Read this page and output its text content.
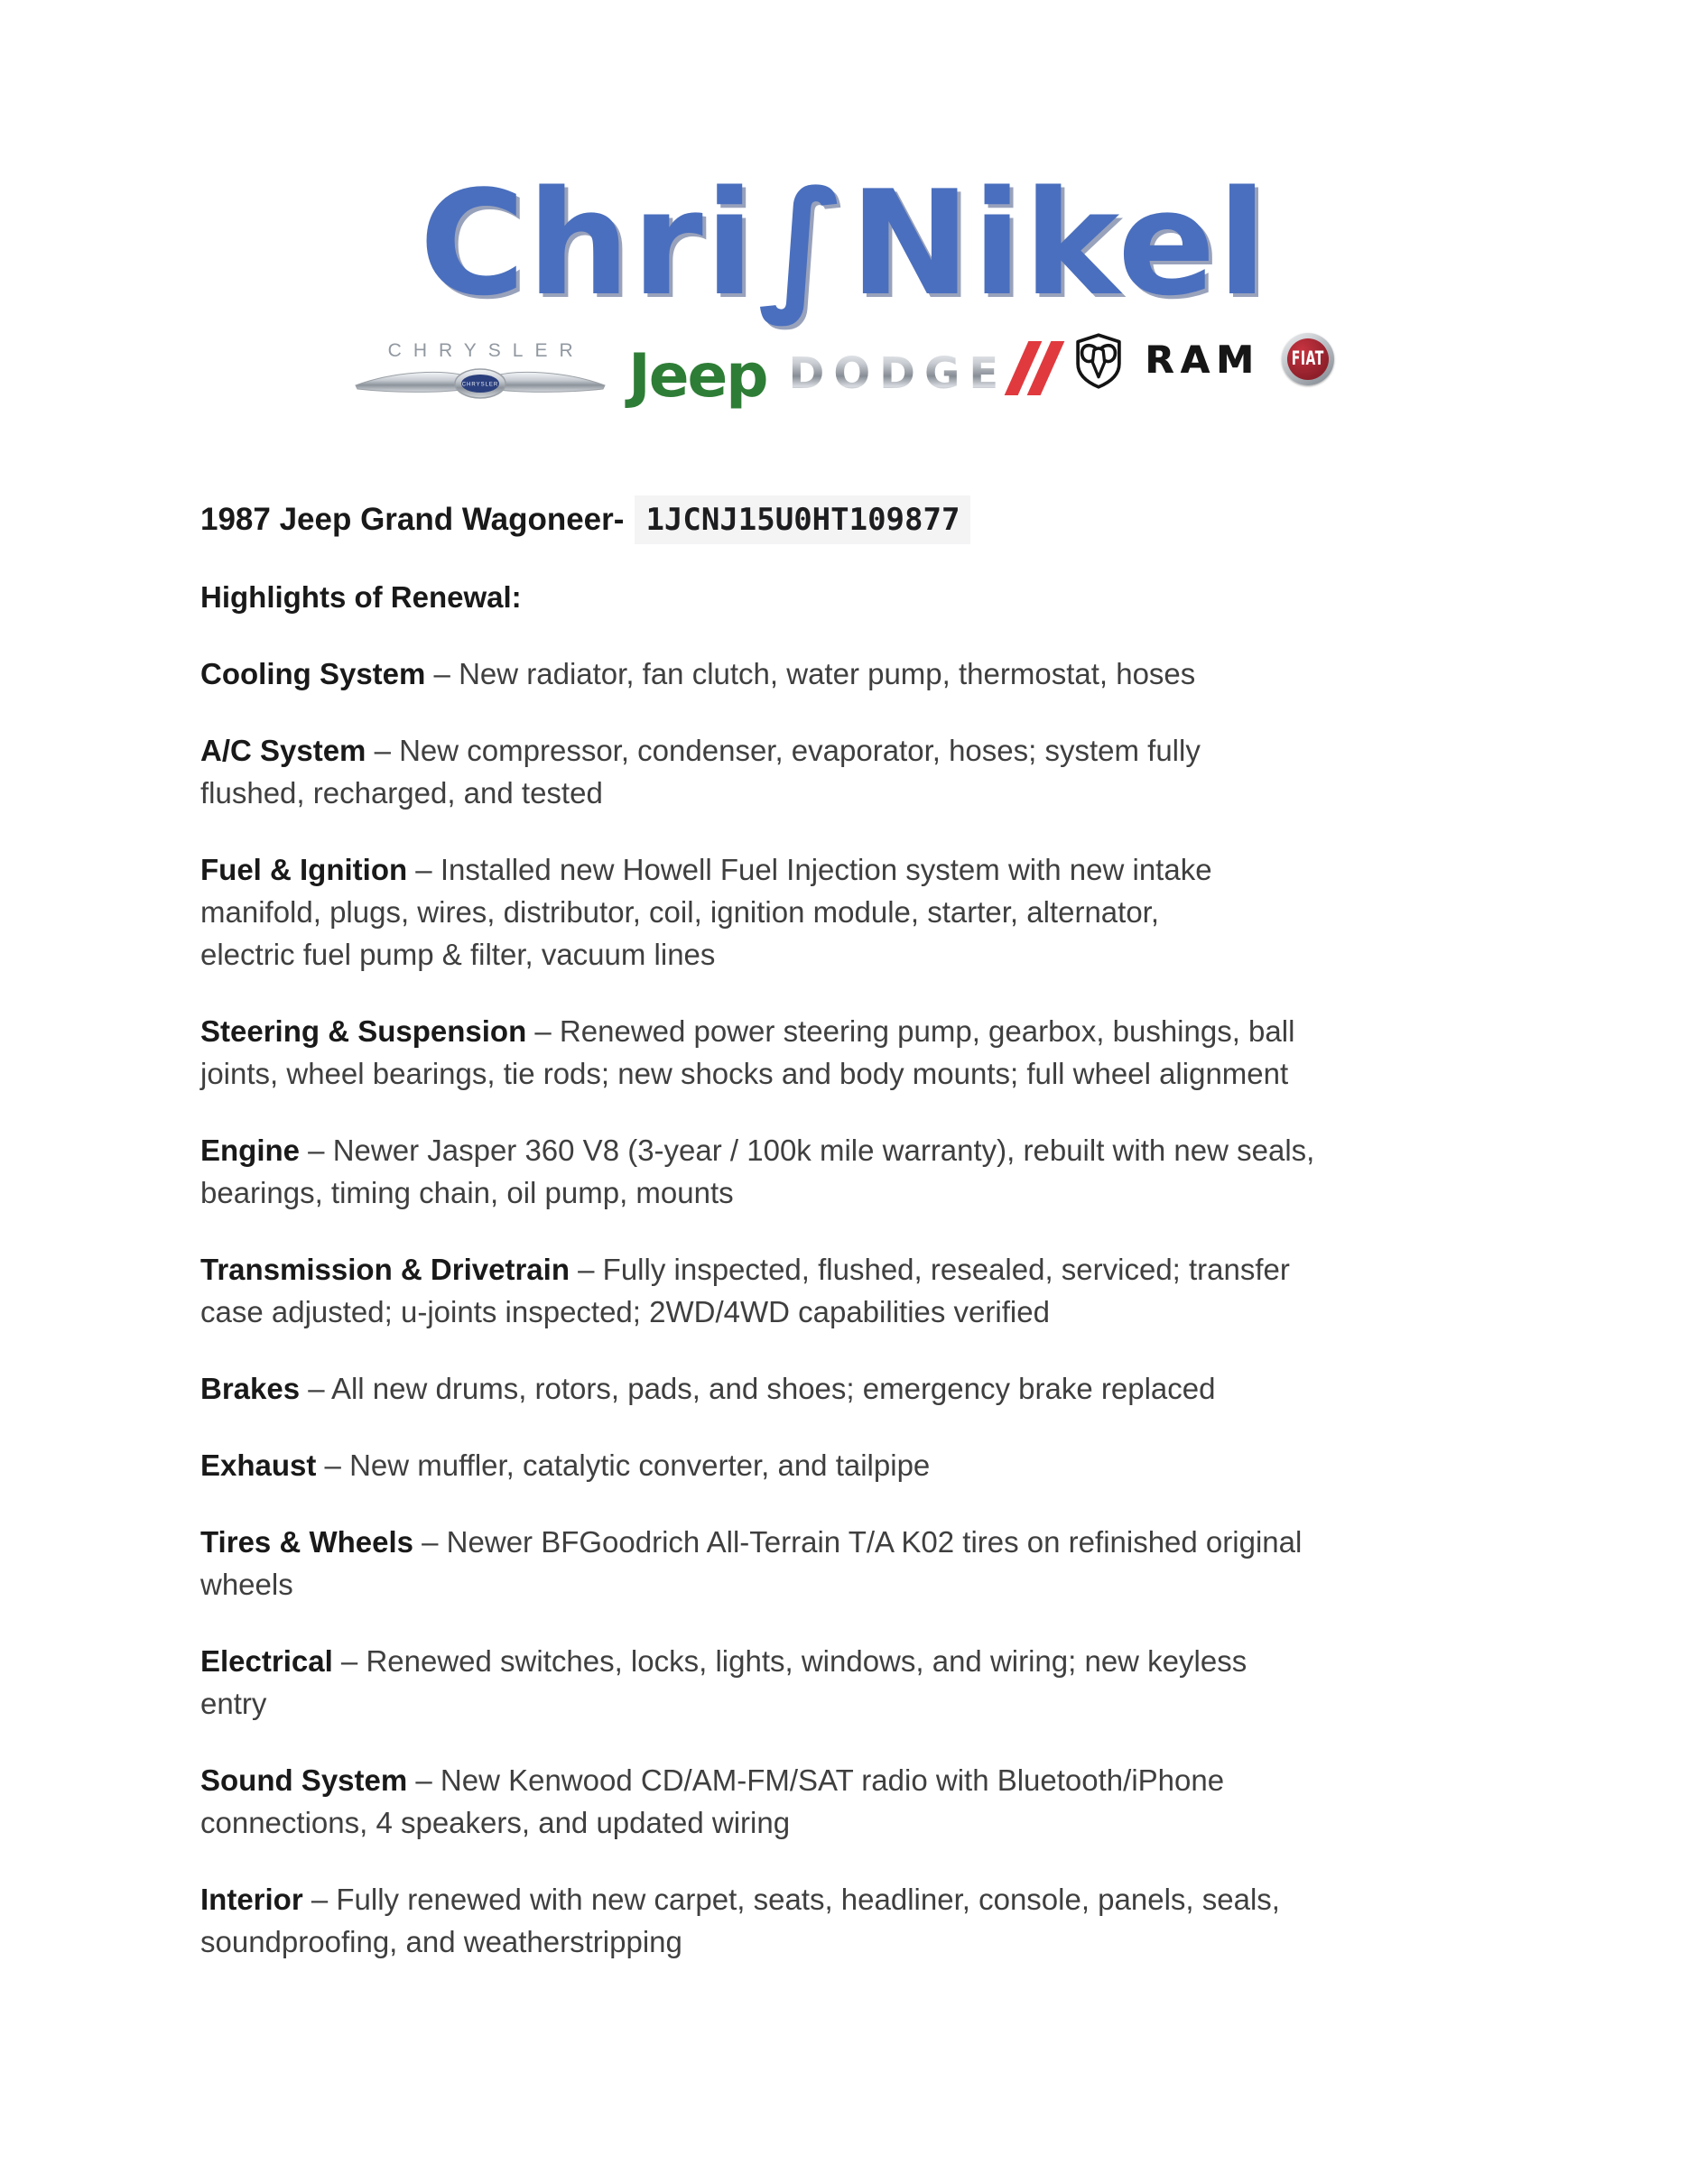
Chri∫Nikel
CHRYSLER
CHRYSLER Jeep DODGE	RAM FIAT

1987 Jeep Grand Wagoneer- 1JCNJ15U0HT109877

Highlights of Renewal:

Cooling System – New radiator, fan clutch, water pump, thermostat, hoses

A/C System – New compressor, condenser, evaporator, hoses; system fully
flushed, recharged, and tested

Fuel & Ignition – Installed new Howell Fuel Injection system with new intake
manifold, plugs, wires, distributor, coil, ignition module, starter, alternator,
electric fuel pump & filter, vacuum lines

Steering & Suspension – Renewed power steering pump, gearbox, bushings, ball
joints, wheel bearings, tie rods; new shocks and body mounts; full wheel alignment

Engine – Newer Jasper 360 V8 (3-year / 100k mile warranty), rebuilt with new seals,
bearings, timing chain, oil pump, mounts

Transmission & Drivetrain – Fully inspected, flushed, resealed, serviced; transfer
case adjusted; u-joints inspected; 2WD/4WD capabilities verified

Brakes – All new drums, rotors, pads, and shoes; emergency brake replaced

Exhaust – New muffler, catalytic converter, and tailpipe

Tires & Wheels – Newer BFGoodrich All-Terrain T/A K02 tires on refinished original
wheels

Electrical – Renewed switches, locks, lights, windows, and wiring; new keyless
entry

Sound System – New Kenwood CD/AM-FM/SAT radio with Bluetooth/iPhone
connections, 4 speakers, and updated wiring

Interior – Fully renewed with new carpet, seats, headliner, console, panels, seals,
soundproofing, and weatherstripping
